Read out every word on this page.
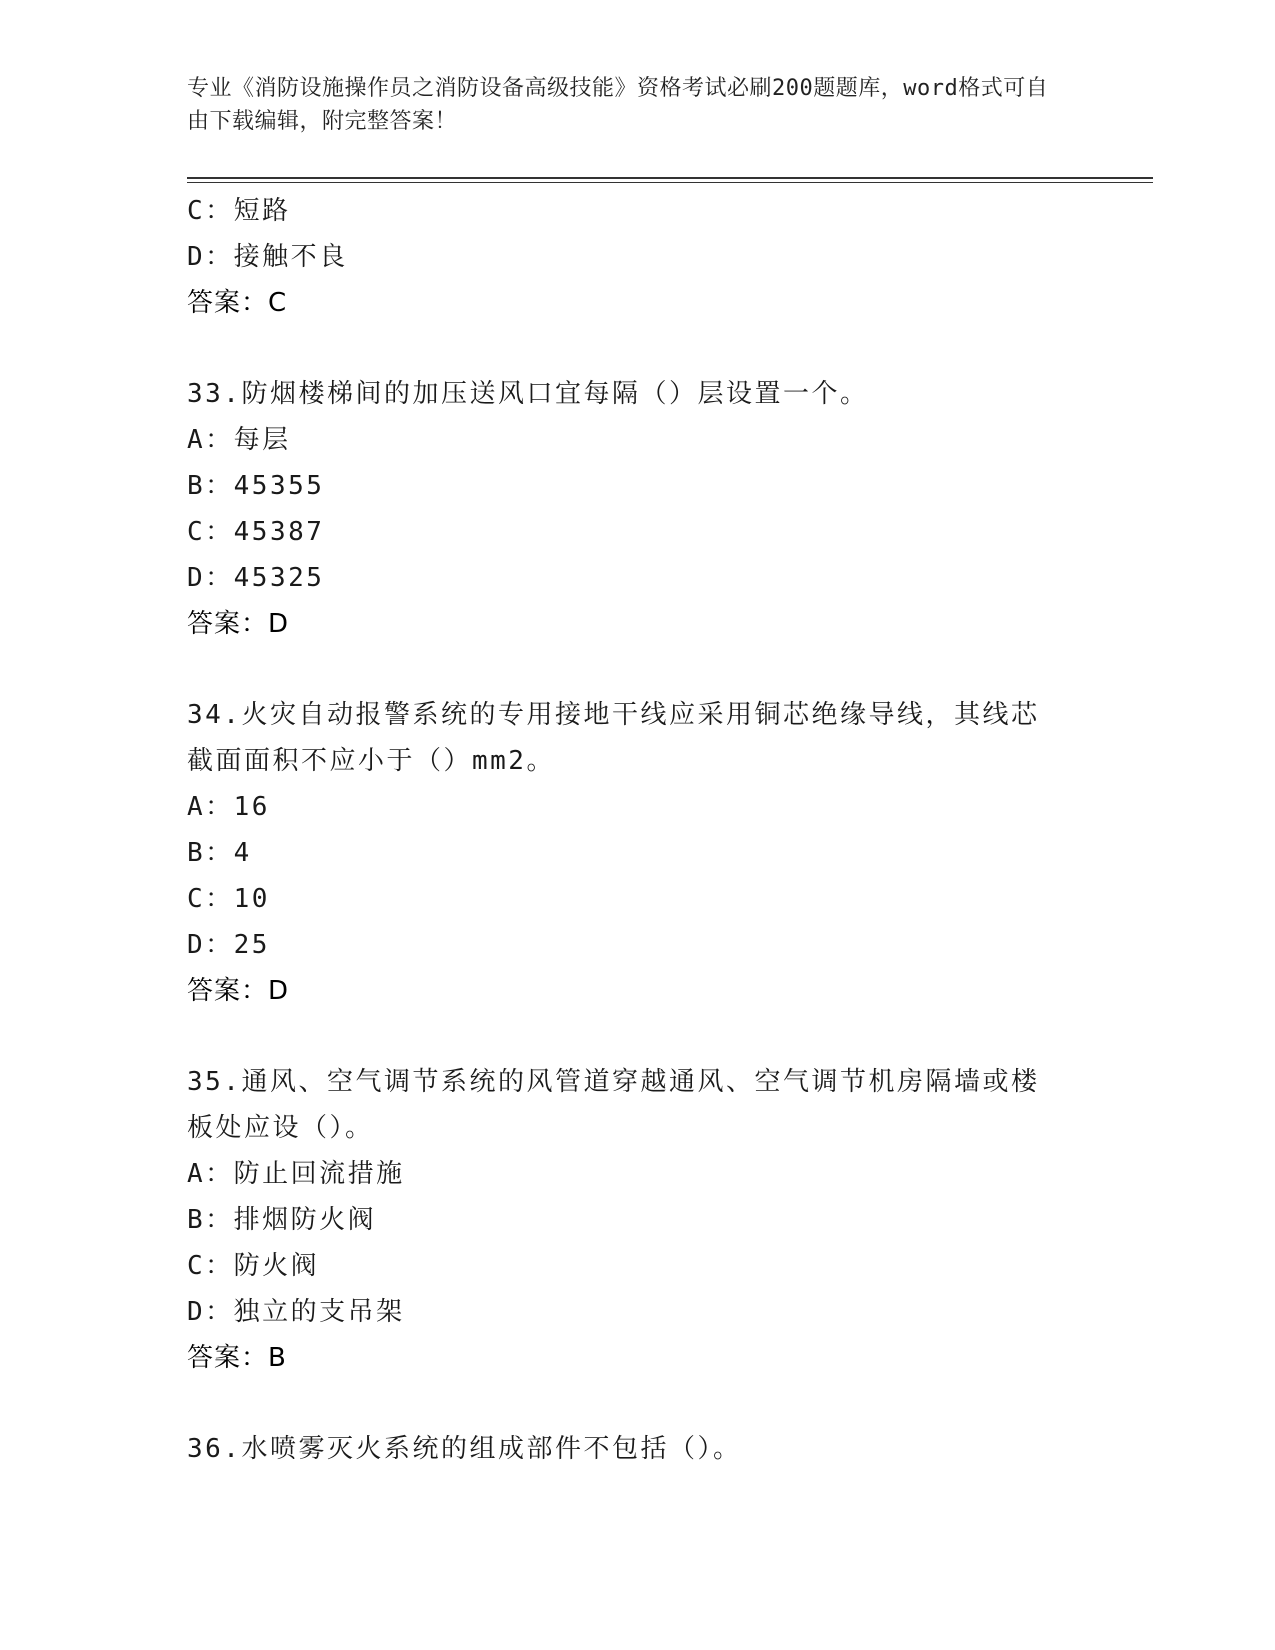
专业《消防设施操作员之消防设备高级技能》资格考试必刷200题题库，word格式可自由下载编辑，附完整答案！
C：短路
D：接触不良
答案：C
33.防烟楼梯间的加压送风口宜每隔（）层设置一个。
A：每层
B：45355
C：45387
D：45325
答案：D
34.火灾自动报警系统的专用接地干线应采用铜芯绝缘导线，其线芯截面面积不应小于（）mm2。
A：16
B：4
C：10
D：25
答案：D
35.通风、空气调节系统的风管道穿越通风、空气调节机房隔墙或楼板处应设（）。
A：防止回流措施
B：排烟防火阀
C：防火阀
D：独立的支吊架
答案：B
36.水喷雾灭火系统的组成部件不包括（）。
